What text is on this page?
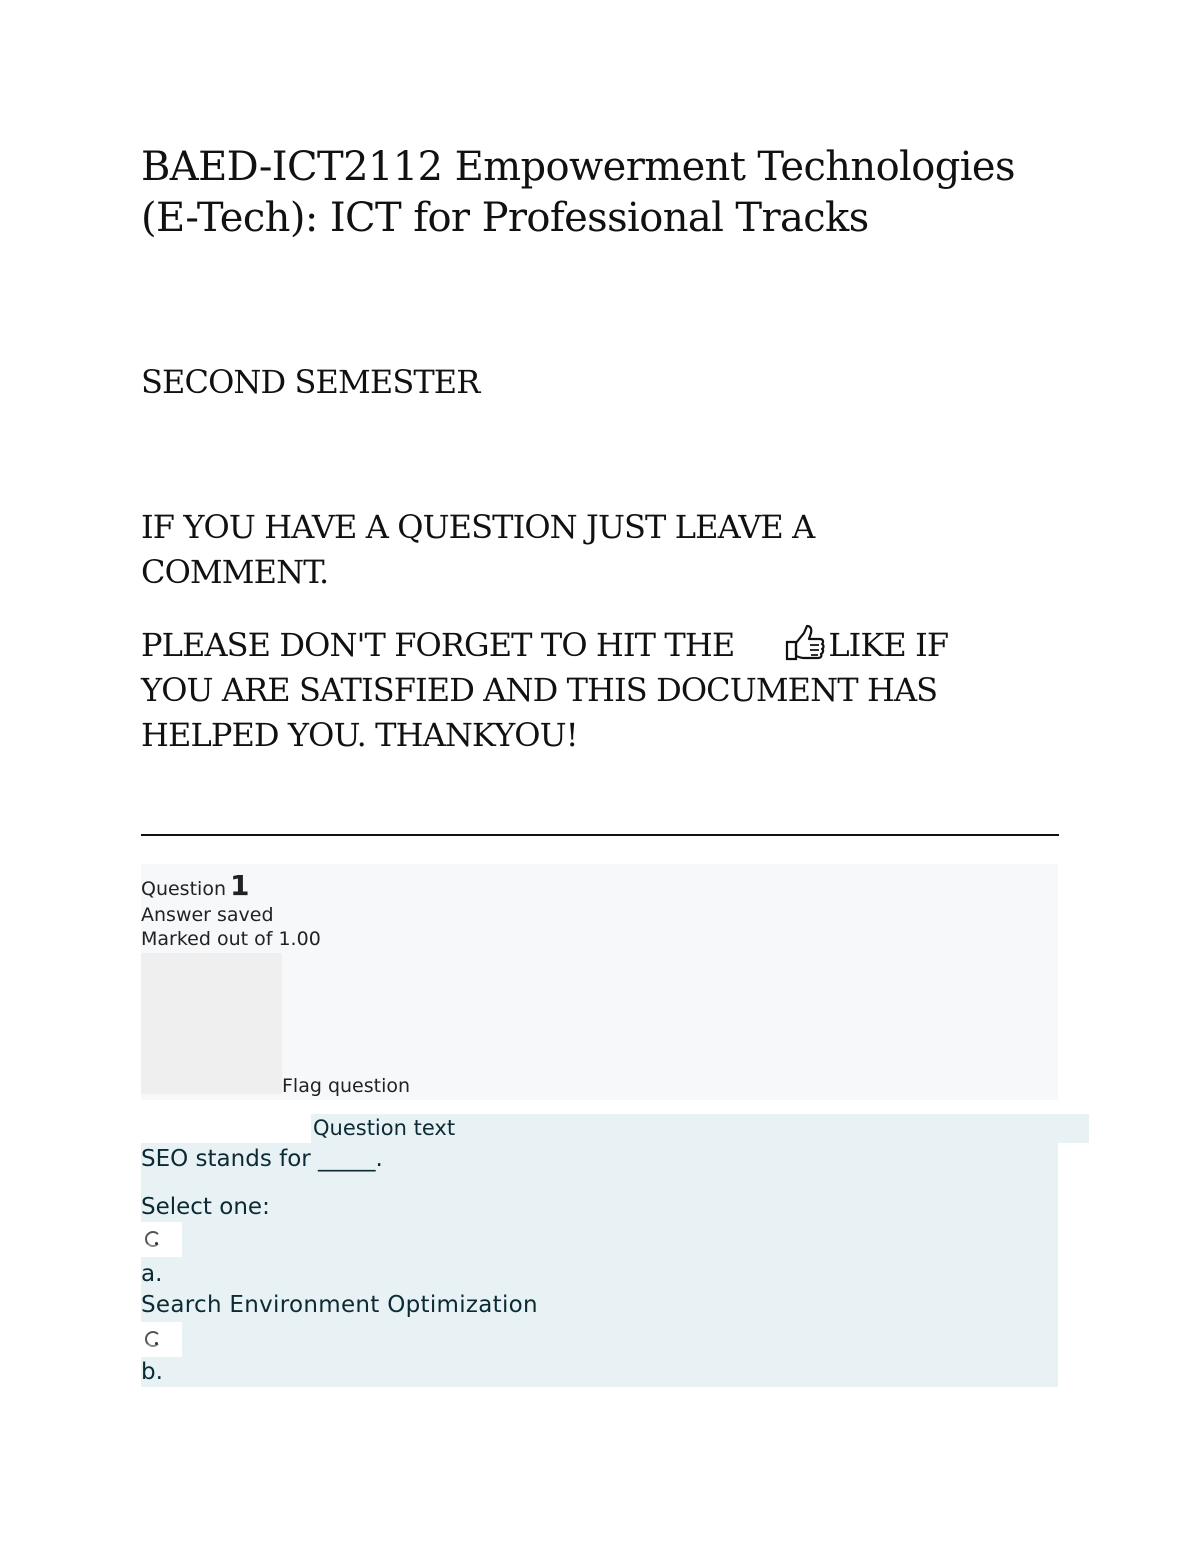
BAED-ICT2112 Empowerment Technologies
(E-Tech): ICT for Professional Tracks
SECOND SEMESTER
IF YOU HAVE A QUESTION JUST LEAVE A
COMMENT.
PLEASE DON'T FORGET TO HIT THE	LIKE IF
YOU ARE SATISFIED AND THIS DOCUMENT HAS
HELPED YOU. THANKYOU!
Question 1
Answer saved
Marked out of 1.00
Flag question
Question text
SEO stands for _____.
Select one:
a.
Search Environment Optimization
b.
